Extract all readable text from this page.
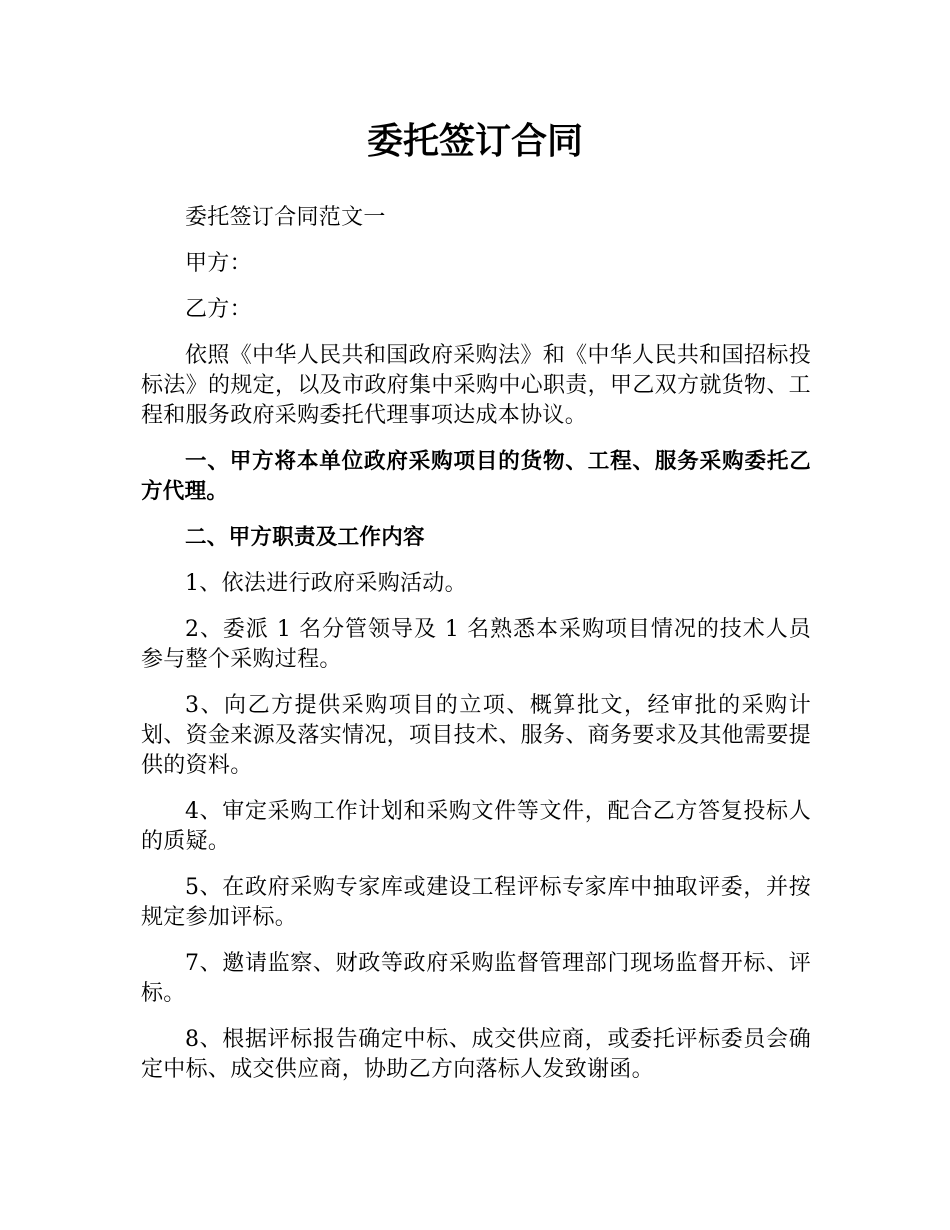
委托签订合同

委托签订合同范文一

甲方：

乙方：

依照《中华人民共和国政府采购法》和《中华人民共和国招标投标法》的规定，以及市政府集中采购中心职责，甲乙双方就货物、工程和服务政府采购委托代理事项达成本协议。

一、甲方将本单位政府采购项目的货物、工程、服务采购委托乙方代理。

二、甲方职责及工作内容

1、依法进行政府采购活动。

2、委派 1 名分管领导及 1 名熟悉本采购项目情况的技术人员参与整个采购过程。

3、向乙方提供采购项目的立项、概算批文，经审批的采购计划、资金来源及落实情况，项目技术、服务、商务要求及其他需要提供的资料。

4、审定采购工作计划和采购文件等文件，配合乙方答复投标人的质疑。

5、在政府采购专家库或建设工程评标专家库中抽取评委，并按规定参加评标。

7、邀请监察、财政等政府采购监督管理部门现场监督开标、评标。

8、根据评标报告确定中标、成交供应商，或委托评标委员会确定中标、成交供应商，协助乙方向落标人发致谢函。
